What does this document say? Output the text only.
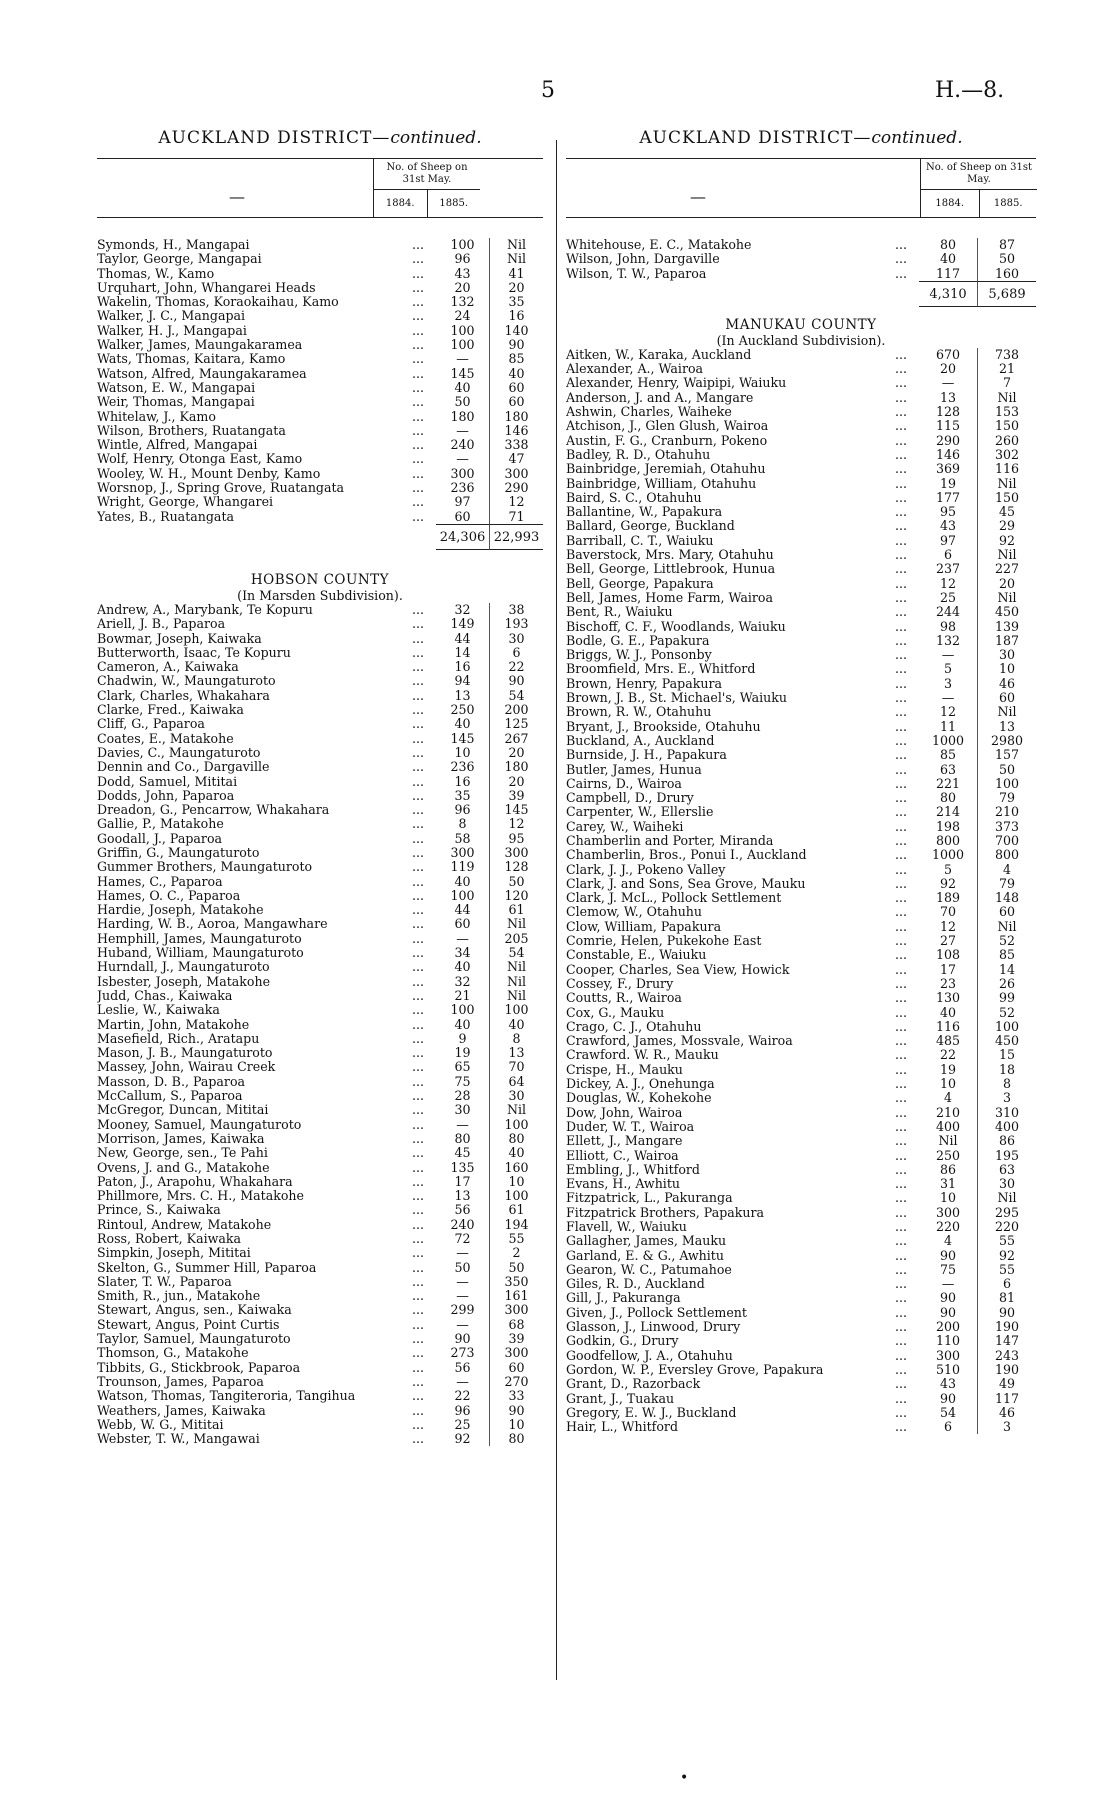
5	H.—8.
AUCKLAND DISTRICT—continued.
—
No. of Sheep on 31st May.
1884.	1885.
Symonds, H., Mangapai	...	100	Nil
Taylor, George, Mangapai	...	96	Nil
Thomas, W., Kamo	...	43	41
Urquhart, John, Whangarei Heads	...	20	20
Wakelin, Thomas, Koraokaihau, Kamo	...	132	35
Walker, J. C., Mangapai	...	24	16
Walker, H. J., Mangapai	...	100	140
Walker, James, Maungakaramea	...	100	90
Wats, Thomas, Kaitara, Kamo	...	—	85
Watson, Alfred, Maungakaramea	...	145	40
Watson, E. W., Mangapai	...	40	60
Weir, Thomas, Mangapai	...	50	60
Whitelaw, J., Kamo	...	180	180
Wilson, Brothers, Ruatangata	...	—	146
Wintle, Alfred, Mangapai	...	240	338
Wolf, Henry, Otonga East, Kamo	...	—	47
Wooley, W. H., Mount Denby, Kamo	...	300	300
Worsnop, J., Spring Grove, Ruatangata	...	236	290
Wright, George, Whangarei	...	97	12
Yates, B., Ruatangata	...	60	71
24,306 22,993
HOBSON COUNTY
(In Marsden Subdivision).
Andrew, A., Marybank, Te Kopuru	...	32	38
Ariell, J. B., Paparoa	...	149	193
Bowmar, Joseph, Kaiwaka	...	44	30
Butterworth, Isaac, Te Kopuru	...	14	6
Cameron, A., Kaiwaka	...	16	22
Chadwin, W., Maungaturoto	...	94	90
Clark, Charles, Whakahara	...	13	54
Clarke, Fred., Kaiwaka	...	250	200
Cliff, G., Paparoa	...	40	125
Coates, E., Matakohe	...	145	267
Davies, C., Maungaturoto	...	10	20
Dennin and Co., Dargaville	...	236	180
Dodd, Samuel, Mititai	...	16	20
Dodds, John, Paparoa	...	35	39
Dreadon, G., Pencarrow, Whakahara	...	96	145
Gallie, P., Matakohe	...	8	12
Goodall, J., Paparoa	...	58	95
Griffin, G., Maungaturoto	...	300	300
Gummer Brothers, Maungaturoto	...	119	128
Hames, C., Paparoa	...	40	50
Hames, O. C., Paparoa	...	100	120
Hardie, Joseph, Matakohe	...	44	61
Harding, W. B., Aoroa, Mangawhare	...	60	Nil
Hemphill, James, Maungaturoto	...	—	205
Huband, William, Maungaturoto	...	34	54
Hurndall, J., Maungaturoto	...	40	Nil
Isbester, Joseph, Matakohe	...	32	Nil
Judd, Chas., Kaiwaka	...	21	Nil
Leslie, W., Kaiwaka	...	100	100
Martin, John, Matakohe	...	40	40
Masefield, Rich., Aratapu	...	9	8
Mason, J. B., Maungaturoto	...	19	13
Massey, John, Wairau Creek	...	65	70
Masson, D. B., Paparoa	...	75	64
McCallum, S., Paparoa	...	28	30
McGregor, Duncan, Mititai	...	30	Nil
Mooney, Samuel, Maungaturoto	...	—	100
Morrison, James, Kaiwaka	...	80	80
New, George, sen., Te Pahi	...	45	40
Ovens, J. and G., Matakohe	...	135	160
Paton, J., Arapohu, Whakahara	...	17	10
Phillmore, Mrs. C. H., Matakohe	...	13	100
Prince, S., Kaiwaka	...	56	61
Rintoul, Andrew, Matakohe	...	240	194
Ross, Robert, Kaiwaka	...	72	55
Simpkin, Joseph, Mititai	...	—	2
Skelton, G., Summer Hill, Paparoa	...	50	50
Slater, T. W., Paparoa	...	—	350
Smith, R., jun., Matakohe	...	—	161
Stewart, Angus, sen., Kaiwaka	...	299	300
Stewart, Angus, Point Curtis	...	—	68
Taylor, Samuel, Maungaturoto	...	90	39
Thomson, G., Matakohe	...	273	300
Tibbits, G., Stickbrook, Paparoa	...	56	60
Trounson, James, Paparoa	...	—	270
Watson, Thomas, Tangiteroria, Tangihua	...	22	33
Weathers, James, Kaiwaka	...	96	90
Webb, W. G., Mititai	...	25	10
Webster, T. W., Mangawai	...	92	80
AUCKLAND DISTRICT—continued.
—
No. of Sheep on 31st May.
1884.	1885.
Whitehouse, E. C., Matakohe	...	80	87
Wilson, John, Dargaville	...	40	50
Wilson, T. W., Paparoa	...	117	160
4,310	5,689
MANUKAU COUNTY
(In Auckland Subdivision).
Aitken, W., Karaka, Auckland	...	670	738
Alexander, A., Wairoa	...	20	21
Alexander, Henry, Waipipi, Waiuku	...	—	7
Anderson, J. and A., Mangare	...	13	Nil
Ashwin, Charles, Waiheke	...	128	153
Atchison, J., Glen Glush, Wairoa	...	115	150
Austin, F. G., Cranburn, Pokeno	...	290	260
Badley, R. D., Otahuhu	...	146	302
Bainbridge, Jeremiah, Otahuhu	...	369	116
Bainbridge, William, Otahuhu	...	19	Nil
Baird, S. C., Otahuhu	...	177	150
Ballantine, W., Papakura	...	95	45
Ballard, George, Buckland	...	43	29
Barriball, C. T., Waiuku	...	97	92
Baverstock, Mrs. Mary, Otahuhu	...	6	Nil
Bell, George, Littlebrook, Hunua	...	237	227
Bell, George, Papakura	...	12	20
Bell, James, Home Farm, Wairoa	...	25	Nil
Bent, R., Waiuku	...	244	450
Bischoff, C. F., Woodlands, Waiuku	...	98	139
Bodle, G. E., Papakura	...	132	187
Briggs, W. J., Ponsonby	...	—	30
Broomfield, Mrs. E., Whitford	...	5	10
Brown, Henry, Papakura	...	3	46
Brown, J. B., St. Michael's, Waiuku	...	—	60
Brown, R. W., Otahuhu	...	12	Nil
Bryant, J., Brookside, Otahuhu	...	11	13
Buckland, A., Auckland	...	1000	2980
Burnside, J. H., Papakura	...	85	157
Butler, James, Hunua	...	63	50
Cairns, D., Wairoa	...	221	100
Campbell, D., Drury	...	80	79
Carpenter, W., Ellerslie	...	214	210
Carey, W., Waiheki	...	198	373
Chamberlin and Porter, Miranda	...	800	700
Chamberlin, Bros., Ponui I., Auckland	...	1000	800
Clark, J. J., Pokeno Valley	...	5	4
Clark, J. and Sons, Sea Grove, Mauku	...	92	79
Clark, J. McL., Pollock Settlement	...	189	148
Clemow, W., Otahuhu	...	70	60
Clow, William, Papakura	...	12	Nil
Comrie, Helen, Pukekohe East	...	27	52
Constable, E., Waiuku	...	108	85
Cooper, Charles, Sea View, Howick	...	17	14
Cossey, F., Drury	...	23	26
Coutts, R., Wairoa	...	130	99
Cox, G., Mauku	...	40	52
Crago, C. J., Otahuhu	...	116	100
Crawford, James, Mossvale, Wairoa	...	485	450
Crawford. W. R., Mauku	...	22	15
Crispe, H., Mauku	...	19	18
Dickey, A. J., Onehunga	...	10	8
Douglas, W., Kohekohe	...	4	3
Dow, John, Wairoa	...	210	310
Duder, W. T., Wairoa	...	400	400
Ellett, J., Mangare	...	Nil	86
Elliott, C., Wairoa	...	250	195
Embling, J., Whitford	...	86	63
Evans, H., Awhitu	...	31	30
Fitzpatrick, L., Pakuranga	...	10	Nil
Fitzpatrick Brothers, Papakura	...	300	295
Flavell, W., Waiuku	...	220	220
Gallagher, James, Mauku	...	4	55
Garland, E. & G., Awhitu	...	90	92
Gearon, W. C., Patumahoe	...	75	55
Giles, R. D., Auckland	...	—	6
Gill, J., Pakuranga	...	90	81
Given, J., Pollock Settlement	...	90	90
Glasson, J., Linwood, Drury	...	200	190
Godkin, G., Drury	...	110	147
Goodfellow, J. A., Otahuhu	...	300	243
Gordon, W. P., Eversley Grove, Papakura	...	510	190
Grant, D., Razorback	...	43	49
Grant, J., Tuakau	...	90	117
Gregory, E. W. J., Buckland	...	54	46
Hair, L., Whitford	...	6	3
•
